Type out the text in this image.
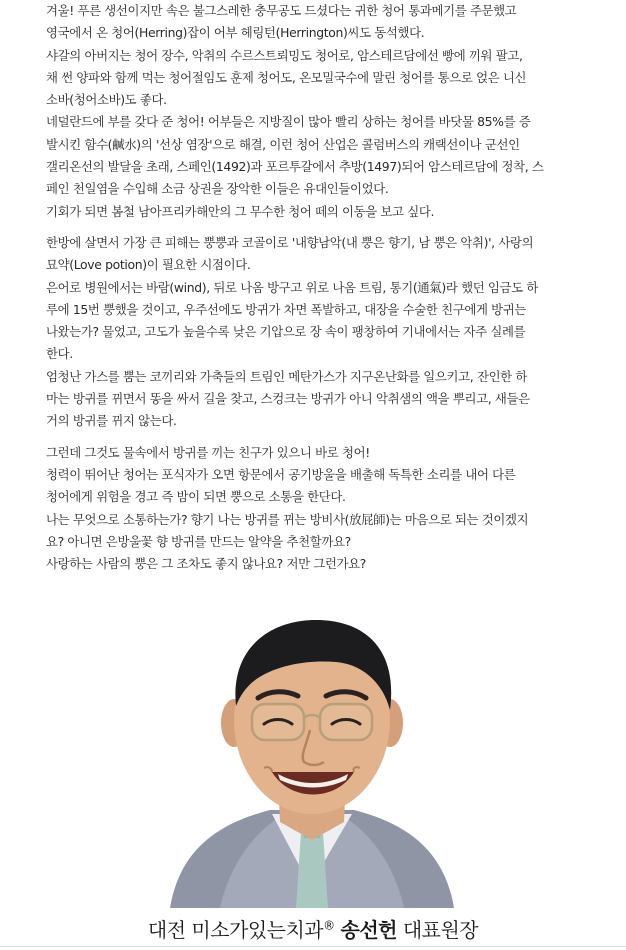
겨울! 푸른 생선이지만 속은 불그스레한 충무공도 드셨다는 귀한 청어 통과메기를 주문했고

영국에서 온 청어(Herring)잡이 어부 헤링턴(Herrington)씨도 동석했다.

샤갈의 아버지는 청어 장수, 악취의 수르스트뢰밍도 청어로, 암스테르담에선 빵에 끼워 팔고,

채 썬 양파와 함께 먹는 청어절임도 훈제 청어도, 온모밀국수에 말린 청어를 통으로 얹은 니신

소바(청어소바)도 좋다.

네덜란드에 부를 갖다 준 청어! 어부들은 지방질이 많아 빨리 상하는 청어를 바닷물 85%를 증

발시킨 함수(鹹水)의 '선상 염장'으로 해결, 이런 청어 산업은 콜럼버스의 캐랙선이나 군선인

갤리온선의 발달을 초래, 스페인(1492)과 포르투갈에서 추방(1497)되어 암스테르담에 정착, 스

페인 천일염을 수입해 소금 상권을 장악한 이들은 유대인들이었다.

기회가 되면 봄철 남아프리카해안의 그 무수한 청어 떼의 이동을 보고 싶다.

한방에 살면서 가장 큰 피해는 뿡뿡과 코골이로 '내향남악(내 뿡은 향기, 남 뿡은 악취)', 사랑의

묘약(Love potion)이 필요한 시점이다.

은어로 병원에서는 바람(wind), 뒤로 나옴 방구고 위로 나옴 트림, 통기(通氣)라 했던 임금도 하

루에 15번 뿡했을 것이고, 우주선에도 방귀가 차면 폭발하고, 대장을 수술한 친구에게 방귀는

나왔는가? 물었고, 고도가 높을수록 낮은 기압으로 장 속이 팽창하여 기내에서는 자주 실례를

한다.

엄청난 가스를 뿜는 코끼리와 가축들의 트림인 메탄가스가 지구온난화를 일으키고, 잔인한 하

마는 방귀를 뀌면서 똥을 싸서 길을 찾고, 스컹크는 방귀가 아니 악취샘의 액을 뿌리고, 새들은

거의 방귀를 뀌지 않는다.

그런데 그것도 물속에서 방귀를 끼는 친구가 있으니 바로 청어!

청력이 뛰어난 청어는 포식자가 오면 항문에서 공기방울을 배출해 독특한 소리를 내어 다른

청어에게 위험을 경고 즉 밤이 되면 뿡으로 소통을 한단다.

나는 무엇으로 소통하는가? 향기 나는 방귀를 뀌는 방비사(放屁師)는 마음으로 되는 것이겠지

요? 아니면 은방울꽃 향 방귀를 만드는 알약을 추천할까요?

사랑하는 사람의 뿡은 그 조차도 좋지 않나요? 저만 그런가요?

대전 미소가있는치과® 송선헌 대표원장
